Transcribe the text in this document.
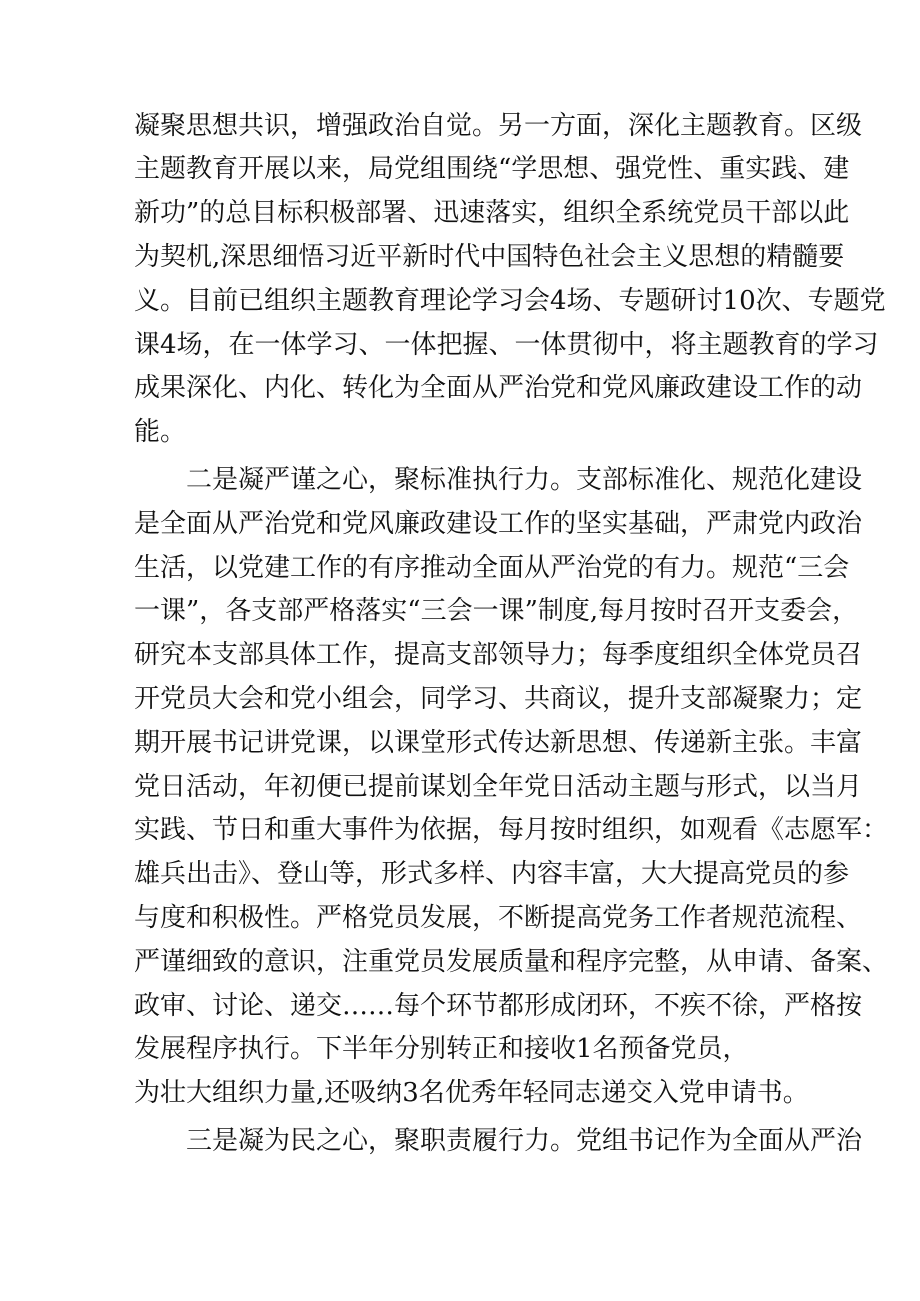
凝聚思想共识，增强政治自觉。另一方面，深化主题教育。区级
主题教育开展以来，局党组围绕“学思想、强党性、重实践、建
新功”的总目标积极部署、迅速落实，组织全系统党员干部以此
为契机,深思细悟习近平新时代中国特色社会主义思想的精髓要
义。目前已组织主题教育理论学习会4场、专题研讨10次、专题党
课4场，在一体学习、一体把握、一体贯彻中，将主题教育的学习
成果深化、内化、转化为全面从严治党和党风廉政建设工作的动
能。
二是凝严谨之心，聚标准执行力。支部标准化、规范化建设
是全面从严治党和党风廉政建设工作的坚实基础，严肃党内政治
生活，以党建工作的有序推动全面从严治党的有力。规范“三会
一课”，各支部严格落实“三会一课”制度,每月按时召开支委会，
研究本支部具体工作，提高支部领导力；每季度组织全体党员召
开党员大会和党小组会，同学习、共商议，提升支部凝聚力；定
期开展书记讲党课，以课堂形式传达新思想、传递新主张。丰富
党日活动，年初便已提前谋划全年党日活动主题与形式，以当月
实践、节日和重大事件为依据，每月按时组织，如观看《志愿军：
雄兵出击》、登山等，形式多样、内容丰富，大大提高党员的参
与度和积极性。严格党员发展，不断提高党务工作者规范流程、
严谨细致的意识，注重党员发展质量和程序完整，从申请、备案、
政审、讨论、递交……每个环节都形成闭环，不疾不徐，严格按
发展程序执行。下半年分别转正和接收1名预备党员，
为壮大组织力量,还吸纳3名优秀年轻同志递交入党申请书。
三是凝为民之心，聚职责履行力。党组书记作为全面从严治
